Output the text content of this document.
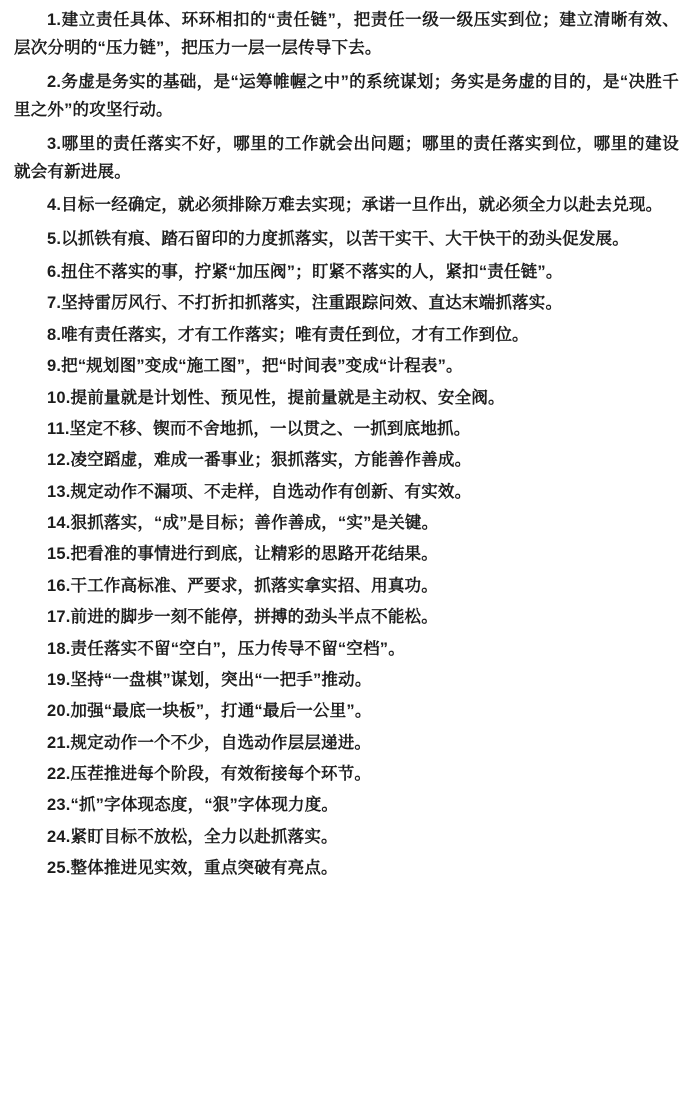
1.建立责任具体、环环相扣的“责任链”，把责任一级一级压实到位；建立清晰有效、层次分明的“压力链”，把压力一层一层传导下去。

2.务虚是务实的基础，是“运筹帷幄之中”的系统谋划；务实是务虚的目的，是“决胜千里之外”的攻坚行动。

3.哪里的责任落实不好，哪里的工作就会出问题；哪里的责任落实到位，哪里的建设就会有新进展。

4.目标一经确定，就必须排除万难去实现；承诺一旦作出，就必须全力以赴去兑现。

5.以抓铁有痕、踏石留印的力度抓落实，以苦干实干、大干快干的劲头促发展。

6.扭住不落实的事，拧紧“加压阀”；盯紧不落实的人，紧扣“责任链”。

7.坚持雷厉风行、不打折扣抓落实，注重跟踪问效、直达末端抓落实。

8.唯有责任落实，才有工作落实；唯有责任到位，才有工作到位。

9.把“规划图”变成“施工图”，把“时间表”变成“计程表”。

10.提前量就是计划性、预见性，提前量就是主动权、安全阀。

11.坚定不移、锲而不舍地抓，一以贯之、一抓到底地抓。

12.凌空蹈虚，难成一番事业；狠抓落实，方能善作善成。

13.规定动作不漏项、不走样，自选动作有创新、有实效。

14.狠抓落实，“成”是目标；善作善成，“实”是关键。

15.把看准的事情进行到底，让精彩的思路开花结果。

16.干工作高标准、严要求，抓落实拿实招、用真功。

17.前进的脚步一刻不能停，拼搏的劲头半点不能松。

18.责任落实不留“空白”，压力传导不留“空档”。

19.坚持“一盘棋”谋划，突出“一把手”推动。

20.加强“最底一块板”，打通“最后一公里”。

21.规定动作一个不少，自选动作层层递进。

22.压茬推进每个阶段，有效衔接每个环节。

23.“抓”字体现态度，“狠”字体现力度。

24.紧盯目标不放松，全力以赴抓落实。

25.整体推进见实效，重点突破有亮点。
